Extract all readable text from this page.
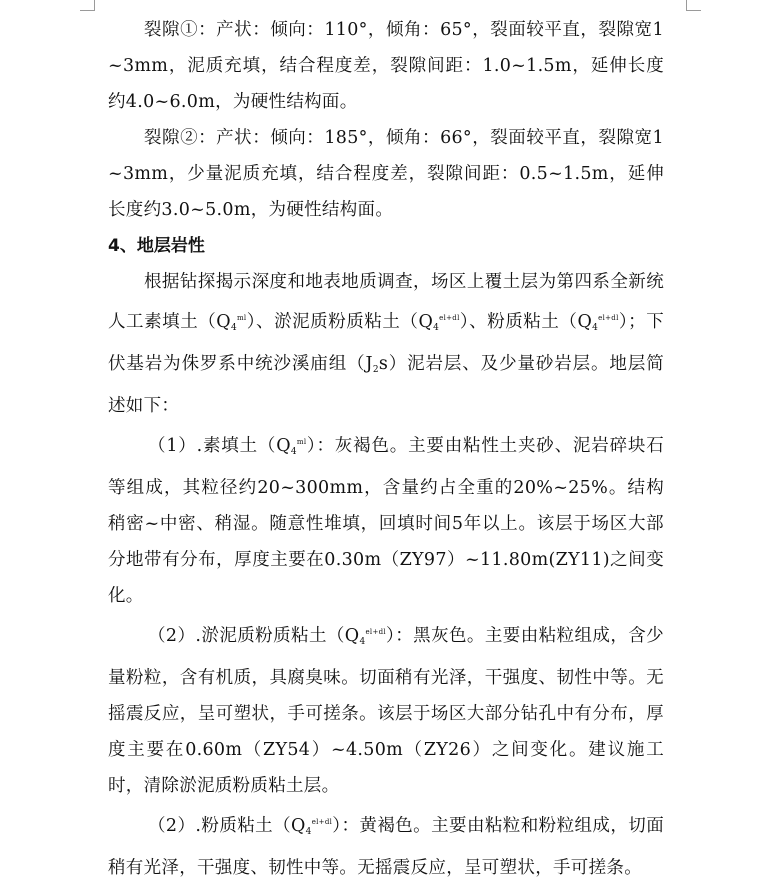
裂隙①：产状：倾向：110°，倾角：65°，裂面较平直，裂隙宽1~3mm，泥质充填，结合程度差，裂隙间距：1.0~1.5m，延伸长度约4.0~6.0m，为硬性结构面。

裂隙②：产状：倾向：185°，倾角：66°，裂面较平直，裂隙宽1~3mm，少量泥质充填，结合程度差，裂隙间距：0.5~1.5m，延伸长度约3.0~5.0m，为硬性结构面。

4、地层岩性

根据钻探揭示深度和地表地质调查，场区上覆土层为第四系全新统人工素填土$(Q_4^{ml})$、淤泥质粉质粘土$(Q_4^{el+dl})$、粉质粘土$(Q_4^{el+dl})$；下伏基岩为侏罗系中统沙溪庙组$(J_2s)$泥岩层、及少量砂岩层。地层简述如下：

（1）.素填土$(Q_4^{ml})$：灰褐色。主要由粘性土夹砂、泥岩碎块石等组成，其粒径约20~300mm，含量约占全重的20%~25%。结构稍密~中密、稍湿。随意性堆填，回填时间5年以上。该层于场区大部分地带有分布，厚度主要在0.30m（ZY97）~11.80m(ZY11)之间变化。

（2）.淤泥质粉质粘土$(Q_4^{el+dl})$：黑灰色。主要由粘粒组成，含少量粉粒，含有机质，具腐臭味。切面稍有光泽，干强度、韧性中等。无摇震反应，呈可塑状，手可搓条。该层于场区大部分钻孔中有分布，厚度主要在0.60m（ZY54）~4.50m（ZY26）之间变化。建议施工时，清除淤泥质粉质粘土层。

（2）.粉质粘土$(Q_4^{el+dl})$：黄褐色。主要由粘粒和粉粒组成，切面稍有光泽，干强度、韧性中等。无摇震反应，呈可塑状，手可搓条。
